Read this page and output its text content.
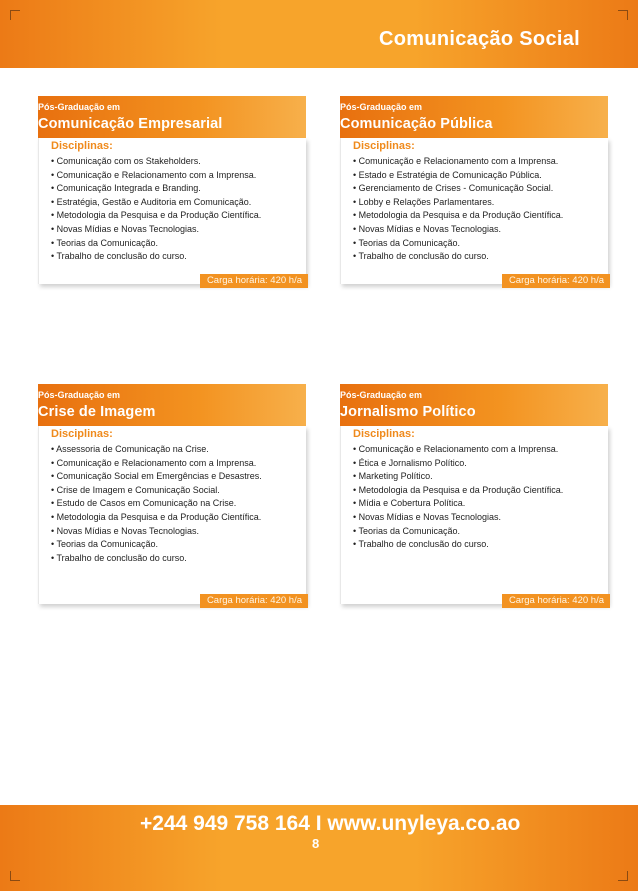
Comunicação Social
Pós-Graduação em
Comunicação Empresarial
Disciplinas:
• Comunicação com os Stakeholders.
• Comunicação e Relacionamento com a Imprensa.
• Comunicação Integrada e Branding.
• Estratégia, Gestão e Auditoria em Comunicação.
• Metodologia da Pesquisa e da Produção Científica.
• Novas Mídias e Novas Tecnologias.
• Teorias da Comunicação.
• Trabalho de conclusão do curso.
Carga horária: 420 h/a
Pós-Graduação em
Comunicação Pública
Disciplinas:
• Comunicação e Relacionamento com a Imprensa.
• Estado e Estratégia de Comunicação Pública.
• Gerenciamento de Crises - Comunicação Social.
• Lobby e Relações Parlamentares.
• Metodologia da Pesquisa e da Produção Científica.
• Novas Mídias e Novas Tecnologias.
• Teorias da Comunicação.
• Trabalho de conclusão do curso.
Carga horária: 420 h/a
Pós-Graduação em
Crise de Imagem
Disciplinas:
• Assessoria de Comunicação na Crise.
• Comunicação e Relacionamento com a Imprensa.
• Comunicação Social em Emergências e Desastres.
• Crise de Imagem e Comunicação Social.
• Estudo de Casos em Comunicação na Crise.
• Metodologia da Pesquisa e da Produção Científica.
• Novas Mídias e Novas Tecnologias.
• Teorias da Comunicação.
• Trabalho de conclusão do curso.
Carga horária: 420 h/a
Pós-Graduação em
Jornalismo Político
Disciplinas:
• Comunicação e Relacionamento com a Imprensa.
• Ética e Jornalismo Político.
• Marketing Político.
• Metodologia da Pesquisa e da Produção Científica.
• Mídia e Cobertura Política.
• Novas Mídias e Novas Tecnologias.
• Teorias da Comunicação.
• Trabalho de conclusão do curso.
Carga horária: 420 h/a
+244 949 758 164 I www.unyleya.co.ao
8
